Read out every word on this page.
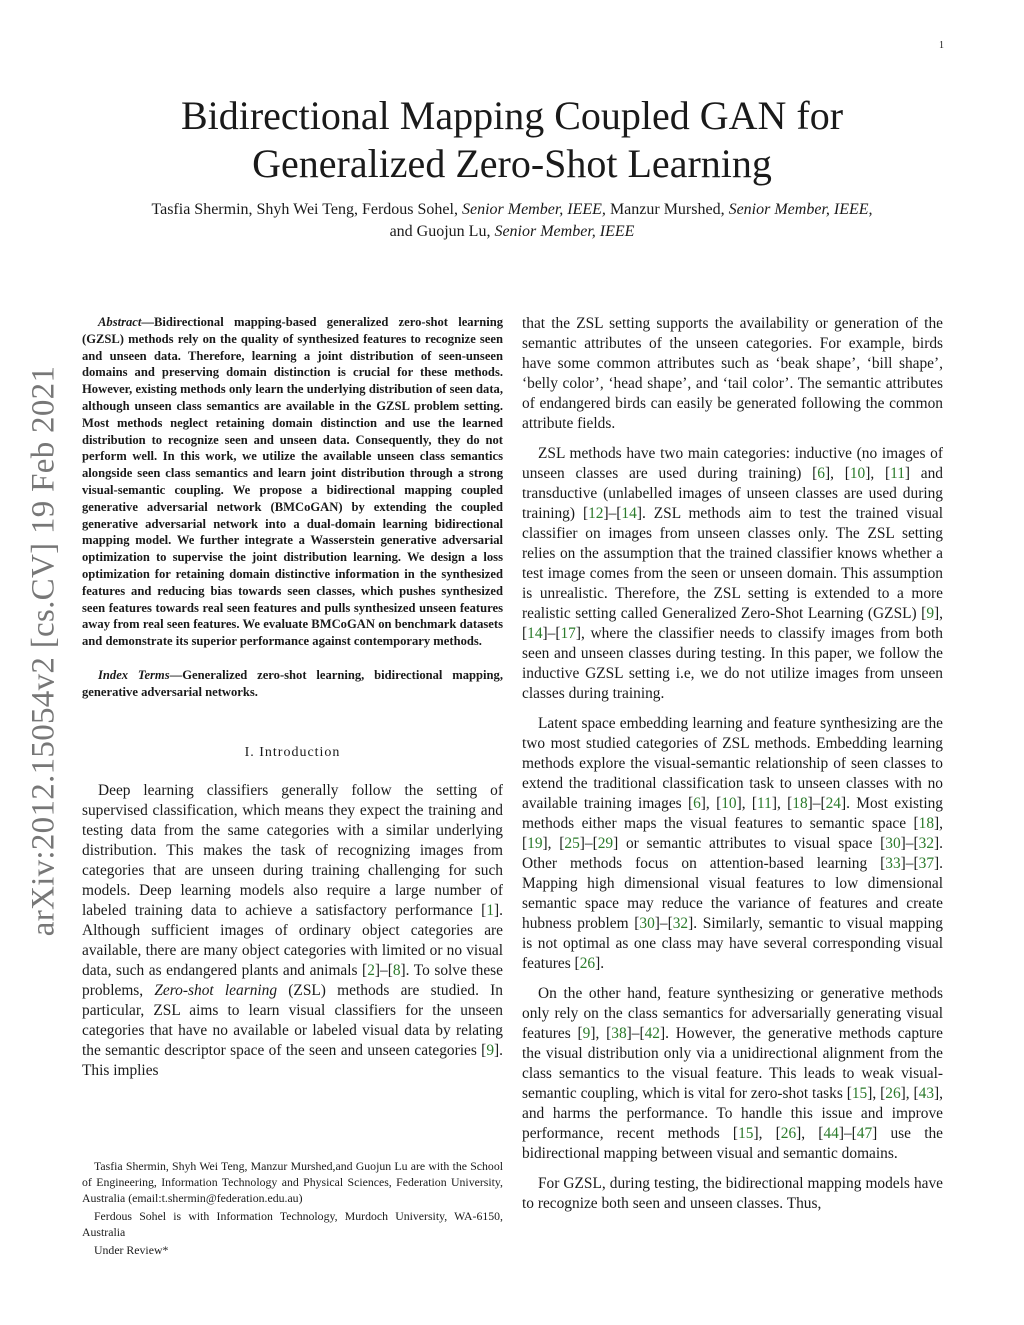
1
arXiv:2012.15054v2 [cs.CV] 19 Feb 2021
Bidirectional Mapping Coupled GAN for Generalized Zero-Shot Learning
Tasfia Shermin, Shyh Wei Teng, Ferdous Sohel, Senior Member, IEEE, Manzur Murshed, Senior Member, IEEE,
and Guojun Lu, Senior Member, IEEE

Abstract—Bidirectional mapping-based generalized zero-shot learning (GZSL) methods rely on the quality of synthesized features to recognize seen and unseen data. Therefore, learning a joint distribution of seen-unseen domains and preserving domain distinction is crucial for these methods. However, existing methods only learn the underlying distribution of seen data, although unseen class semantics are available in the GZSL problem setting. Most methods neglect retaining domain distinction and use the learned distribution to recognize seen and unseen data. Consequently, they do not perform well. In this work, we utilize the available unseen class semantics alongside seen class semantics and learn joint distribution through a strong visual-semantic coupling. We propose a bidirectional mapping coupled generative adversarial network (BMCoGAN) by extending the coupled generative adversarial network into a dual-domain learning bidirectional mapping model. We further integrate a Wasserstein generative adversarial optimization to supervise the joint distribution learning. We design a loss optimization for retaining domain distinctive information in the synthesized features and reducing bias towards seen classes, which pushes synthesized seen features towards real seen features and pulls synthesized unseen features away from real seen features. We evaluate BMCoGAN on benchmark datasets and demonstrate its superior performance against contemporary methods.

Index Terms—Generalized zero-shot learning, bidirectional mapping, generative adversarial networks.

I. Introduction

Deep learning classifiers generally follow the setting of supervised classification, which means they expect the training and testing data from the same categories with a similar underlying distribution. This makes the task of recognizing images from categories that are unseen during training challenging for such models. Deep learning models also require a large number of labeled training data to achieve a satisfactory performance [1]. Although sufficient images of ordinary object categories are available, there are many object categories with limited or no visual data, such as endangered plants and animals [2]–[8]. To solve these problems, Zero-shot learning (ZSL) methods are studied. In particular, ZSL aims to learn visual classifiers for the unseen categories that have no available or labeled visual data by relating the semantic descriptor space of the seen and unseen categories [9]. This implies

Tasfia Shermin, Shyh Wei Teng, Manzur Murshed,and Guojun Lu are with the School of Engineering, Information Technology and Physical Sciences, Federation University, Australia (email:t.shermin@federation.edu.au)

Ferdous Sohel is with Information Technology, Murdoch University, WA-6150, Australia

Under Review*

that the ZSL setting supports the availability or generation of the semantic attributes of the unseen categories. For example, birds have some common attributes such as ‘beak shape’, ‘bill shape’, ‘belly color’, ‘head shape’, and ‘tail color’. The semantic attributes of endangered birds can easily be generated following the common attribute fields.

ZSL methods have two main categories: inductive (no images of unseen classes are used during training) [6], [10], [11] and transductive (unlabelled images of unseen classes are used during training) [12]–[14]. ZSL methods aim to test the trained visual classifier on images from unseen classes only. The ZSL setting relies on the assumption that the trained classifier knows whether a test image comes from the seen or unseen domain. This assumption is unrealistic. Therefore, the ZSL setting is extended to a more realistic setting called Generalized Zero-Shot Learning (GZSL) [9], [14]–[17], where the classifier needs to classify images from both seen and unseen classes during testing. In this paper, we follow the inductive GZSL setting i.e, we do not utilize images from unseen classes during training.

Latent space embedding learning and feature synthesizing are the two most studied categories of ZSL methods. Embedding learning methods explore the visual-semantic relationship of seen classes to extend the traditional classification task to unseen classes with no available training images [6], [10], [11], [18]–[24]. Most existing methods either maps the visual features to semantic space [18], [19], [25]–[29] or semantic attributes to visual space [30]–[32]. Other methods focus on attention-based learning [33]–[37]. Mapping high dimensional visual features to low dimensional semantic space may reduce the variance of features and create hubness problem [30]–[32]. Similarly, semantic to visual mapping is not optimal as one class may have several corresponding visual features [26].

On the other hand, feature synthesizing or generative methods only rely on the class semantics for adversarially generating visual features [9], [38]–[42]. However, the generative methods capture the visual distribution only via a unidirectional alignment from the class semantics to the visual feature. This leads to weak visual-semantic coupling, which is vital for zero-shot tasks [15], [26], [43], and harms the performance. To handle this issue and improve performance, recent methods [15], [26], [44]–[47] use the bidirectional mapping between visual and semantic domains.

For GZSL, during testing, the bidirectional mapping models have to recognize both seen and unseen classes. Thus,
